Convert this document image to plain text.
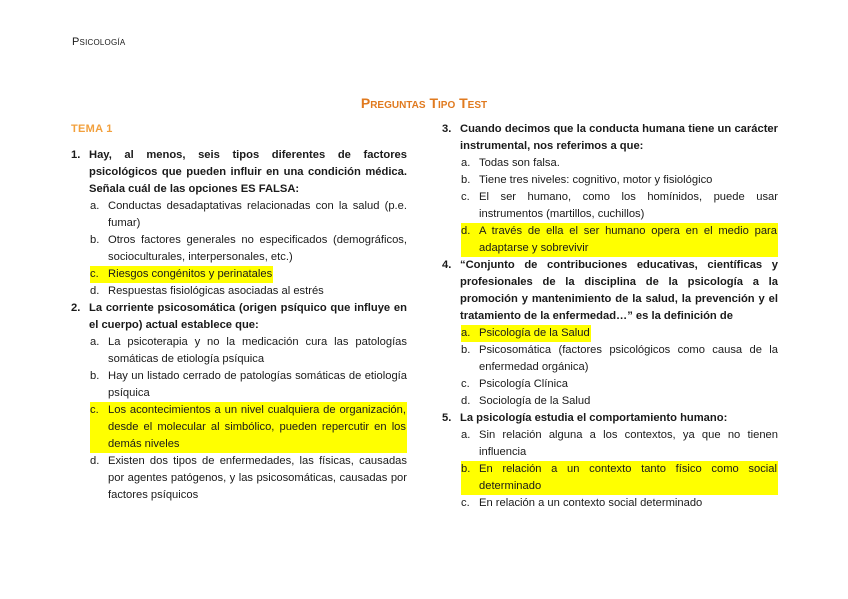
Psicología
Preguntas Tipo Test
TEMA 1
1. Hay, al menos, seis tipos diferentes de factores psicológicos que pueden influir en una condición médica. Señala cuál de las opciones ES FALSA:
a. Conductas desadaptativas relacionadas con la salud (p.e. fumar)
b. Otros factores generales no especificados (demográficos, socioculturales, interpersonales, etc.)
c. Riesgos congénitos y perinatales
d. Respuestas fisiológicas asociadas al estrés
2. La corriente psicosomática (origen psíquico que influye en el cuerpo) actual establece que:
a. La psicoterapia y no la medicación cura las patologías somáticas de etiología psíquica
b. Hay un listado cerrado de patologías somáticas de etiología psíquica
c. Los acontecimientos a un nivel cualquiera de organización, desde el molecular al simbólico, pueden repercutir en los demás niveles
d. Existen dos tipos de enfermedades, las físicas, causadas por agentes patógenos, y las psicosomáticas, causadas por factores psíquicos
3. Cuando decimos que la conducta humana tiene un carácter instrumental, nos referimos a que:
a. Todas son falsa.
b. Tiene tres niveles: cognitivo, motor y fisiológico
c. El ser humano, como los homínidos, puede usar instrumentos (martillos, cuchillos)
d. A través de ella el ser humano opera en el medio para adaptarse y sobrevivir
4. “Conjunto de contribuciones educativas, científicas y profesionales de la disciplina de la psicología a la promoción y mantenimiento de la salud, la prevención y el tratamiento de la enfermedad…” es la definición de
a. Psicología de la Salud
b. Psicosomática (factores psicológicos como causa de la enfermedad orgánica)
c. Psicología Clínica
d. Sociología de la Salud
5. La psicología estudia el comportamiento humano:
a. Sin relación alguna a los contextos, ya que no tienen influencia
b. En relación a un contexto tanto físico como social determinado
c. En relación a un contexto social determinado
